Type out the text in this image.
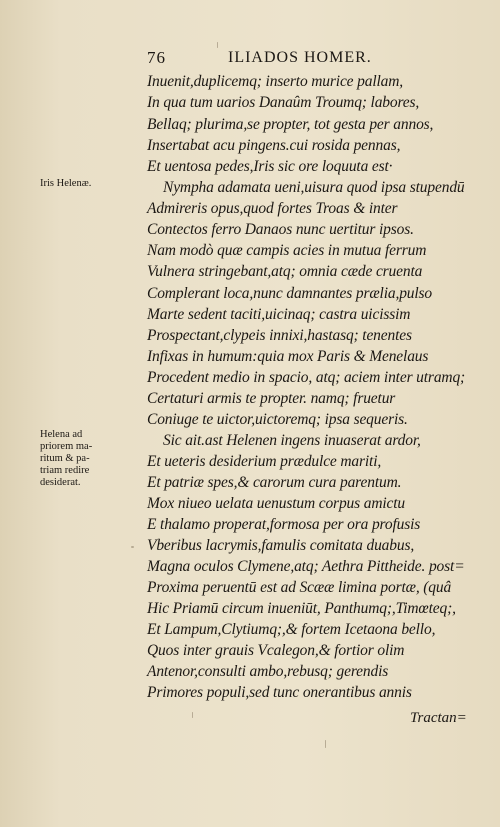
76	ILIADOS HOMER.
Iris Helenæ.
Helena ad
priorem ma-
ritum & pa-
triam redire
desiderat.
Inuenit,duplicemq; inserto murice pallam,
In qua tum uarios Danaûm Troumq; labores,
Bellaq; plurima,se propter, tot gesta per annos,
Insertabat acu pingens.cui rosida pennas,
Et uentosa pedes,Iris sic ore loquuta est·
Nympha adamata ueni,uisura quod ipsa stupendū
Admireris opus,quod fortes Troas & inter
Contectos ferro Danaos nunc uertitur ipsos.
Nam modò quæ campis acies in mutua ferrum
Vulnera stringebant,atq; omnia cæde cruenta
Complerant loca,nunc damnantes prælia,pulso
Marte sedent taciti,uicinaq; castra uicissim
Prospectant,clypeis innixi,hastasq; tenentes
Infixas in humum:quia mox Paris & Menelaus
Procedent medio in spacio, atq; aciem inter utramq;
Certaturi armis te propter. namq; fruetur
Coniuge te uictor,uictoremq; ipsa sequeris.
Sic ait.ast Helenen ingens inuaserat ardor,
Et ueteris desiderium prædulce mariti,
Et patriæ spes,& carorum cura parentum.
Mox niueo uelata uenustum corpus amictu
E thalamo properat,formosa per ora profusis
Vberibus lacrymis,famulis comitata duabus,
Magna oculos Clymene,atq; Aethra Pittheide. post=
Proxima peruentū est ad Scææ limina portæ, (quâ
Hic Priamū circum inueniūt, Panthumq;,Timœteq;,
Et Lampum,Clytiumq;,& fortem Icetaona bello,
Quos inter grauis Vcalegon,& fortior olim
Antenor,consulti ambo,rebusq; gerendis
Primores populi,sed tunc onerantibus annis
Tractan=
